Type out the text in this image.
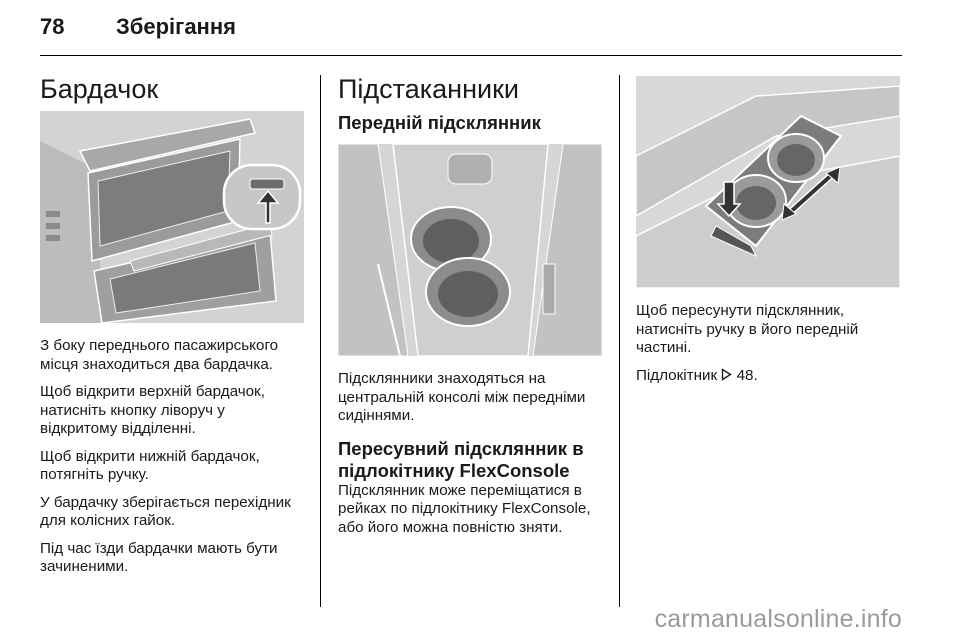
78 Зберігання
Бардачок

З боку переднього пасажирського місця знаходиться два бардачка.

Щоб відкрити верхній бардачок, натисніть кнопку ліворуч у відкритому відділенні.

Щоб відкрити нижній бардачок, потягніть ручку.

У бардачку зберігається перехідник для колісних гайок.

Під час їзди бардачки мають бути зачиненими.

Підстаканники
Передній підсклянник

Підсклянники знаходяться на центральній консолі між передніми сидіннями.

Пересувний підсклянник в підлокітнику FlexConsole

Підсклянник може переміщатися в рейках по підлокітнику FlexConsole, або його можна повністю зняти.

Щоб пересунути підсклянник, натисніть ручку в його передній частині.

Підлокітник 48.

carmanualsonline.info
